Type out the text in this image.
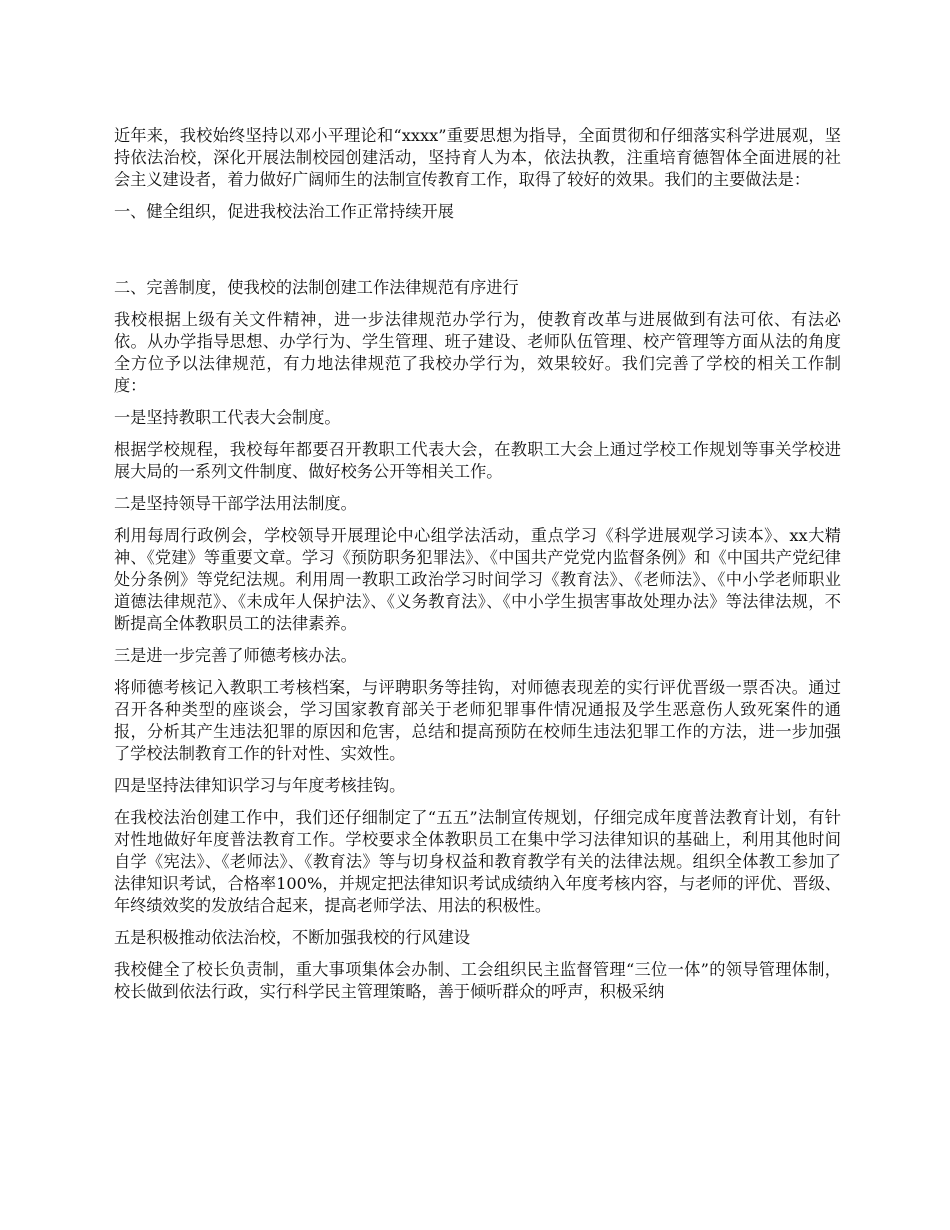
近年来，我校始终坚持以邓小平理论和“xxxx”重要思想为指导，全面贯彻和仔细落实科学进展观，坚持依法治校，深化开展法制校园创建活动，坚持育人为本，依法执教，注重培育德智体全面进展的社会主义建设者，着力做好广阔师生的法制宣传教育工作，取得了较好的效果。我们的主要做法是：

一、健全组织，促进我校法治工作正常持续开展

二、完善制度，使我校的法制创建工作法律规范有序进行

我校根据上级有关文件精神，进一步法律规范办学行为，使教育改革与进展做到有法可依、有法必依。从办学指导思想、办学行为、学生管理、班子建设、老师队伍管理、校产管理等方面从法的角度全方位予以法律规范，有力地法律规范了我校办学行为，效果较好。我们完善了学校的相关工作制度：

一是坚持教职工代表大会制度。

根据学校规程，我校每年都要召开教职工代表大会，在教职工大会上通过学校工作规划等事关学校进展大局的一系列文件制度、做好校务公开等相关工作。

二是坚持领导干部学法用法制度。

利用每周行政例会，学校领导开展理论中心组学法活动，重点学习《科学进展观学习读本》、xx大精神、《党建》等重要文章。学习《预防职务犯罪法》、《中国共产党党内监督条例》和《中国共产党纪律处分条例》等党纪法规。利用周一教职工政治学习时间学习《教育法》、《老师法》、《中小学老师职业道德法律规范》、《未成年人保护法》、《义务教育法》、《中小学生损害事故处理办法》等法律法规，不断提高全体教职员工的法律素养。

三是进一步完善了师德考核办法。

将师德考核记入教职工考核档案，与评聘职务等挂钩，对师德表现差的实行评优晋级一票否决。通过召开各种类型的座谈会，学习国家教育部关于老师犯罪事件情况通报及学生恶意伤人致死案件的通报，分析其产生违法犯罪的原因和危害，总结和提高预防在校师生违法犯罪工作的方法，进一步加强了学校法制教育工作的针对性、实效性。

四是坚持法律知识学习与年度考核挂钩。

在我校法治创建工作中，我们还仔细制定了“五五”法制宣传规划，仔细完成年度普法教育计划，有针对性地做好年度普法教育工作。学校要求全体教职员工在集中学习法律知识的基础上，利用其他时间自学《宪法》、《老师法》、《教育法》等与切身权益和教育教学有关的法律法规。组织全体教工参加了法律知识考试，合格率100%，并规定把法律知识考试成绩纳入年度考核内容，与老师的评优、晋级、年终绩效奖的发放结合起来，提高老师学法、用法的积极性。

五是积极推动依法治校，不断加强我校的行风建设

我校健全了校长负责制，重大事项集体会办制、工会组织民主监督管理“三位一体”的领导管理体制，校长做到依法行政，实行科学民主管理策略，善于倾听群众的呼声，积极采纳
